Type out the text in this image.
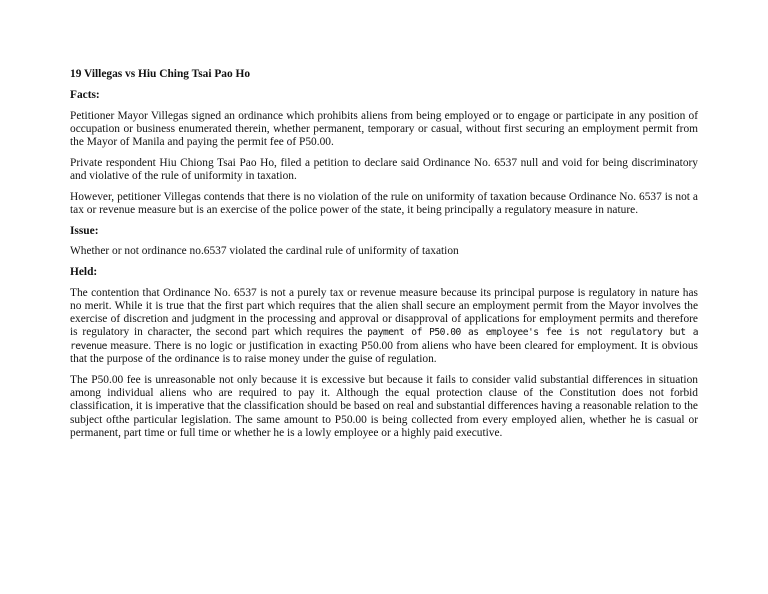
19 Villegas vs Hiu Ching Tsai Pao Ho
Facts:

Petitioner Mayor Villegas signed an ordinance which prohibits aliens from being employed or to engage or participate in any position of occupation or business enumerated therein, whether permanent, temporary or casual, without first securing an employment permit from the Mayor of Manila and paying the permit fee of P50.00.

Private respondent Hiu Chiong Tsai Pao Ho, filed a petition to declare said Ordinance No. 6537 null and void for being discriminatory and violative of the rule of uniformity in taxation.

However, petitioner Villegas contends that there is no violation of the rule on uniformity of taxation because Ordinance No. 6537 is not a tax or revenue measure but is an exercise of the police power of the state, it being principally a regulatory measure in nature.

Issue:

Whether or not ordinance no.6537 violated the cardinal rule of uniformity of taxation

Held:

The contention that Ordinance No. 6537 is not a purely tax or revenue measure because its principal purpose is regulatory in nature has no merit. While it is true that the first part which requires that the alien shall secure an employment permit from the Mayor involves the exercise of discretion and judgment in the processing and approval or disapproval of applications for employment permits and therefore is regulatory in character, the second part which requires the payment of P50.00 as employee's fee is not regulatory but a revenue measure. There is no logic or justification in exacting P50.00 from aliens who have been cleared for employment. It is obvious that the purpose of the ordinance is to raise money under the guise of regulation.

The P50.00 fee is unreasonable not only because it is excessive but because it fails to consider valid substantial differences in situation among individual aliens who are required to pay it. Although the equal protection clause of the Constitution does not forbid classification, it is imperative that the classification should be based on real and substantial differences having a reasonable relation to the subject ofthe particular legislation. The same amount to P50.00 is being collected from every employed alien, whether he is casual or permanent, part time or full time or whether he is a lowly employee or a highly paid executive.
